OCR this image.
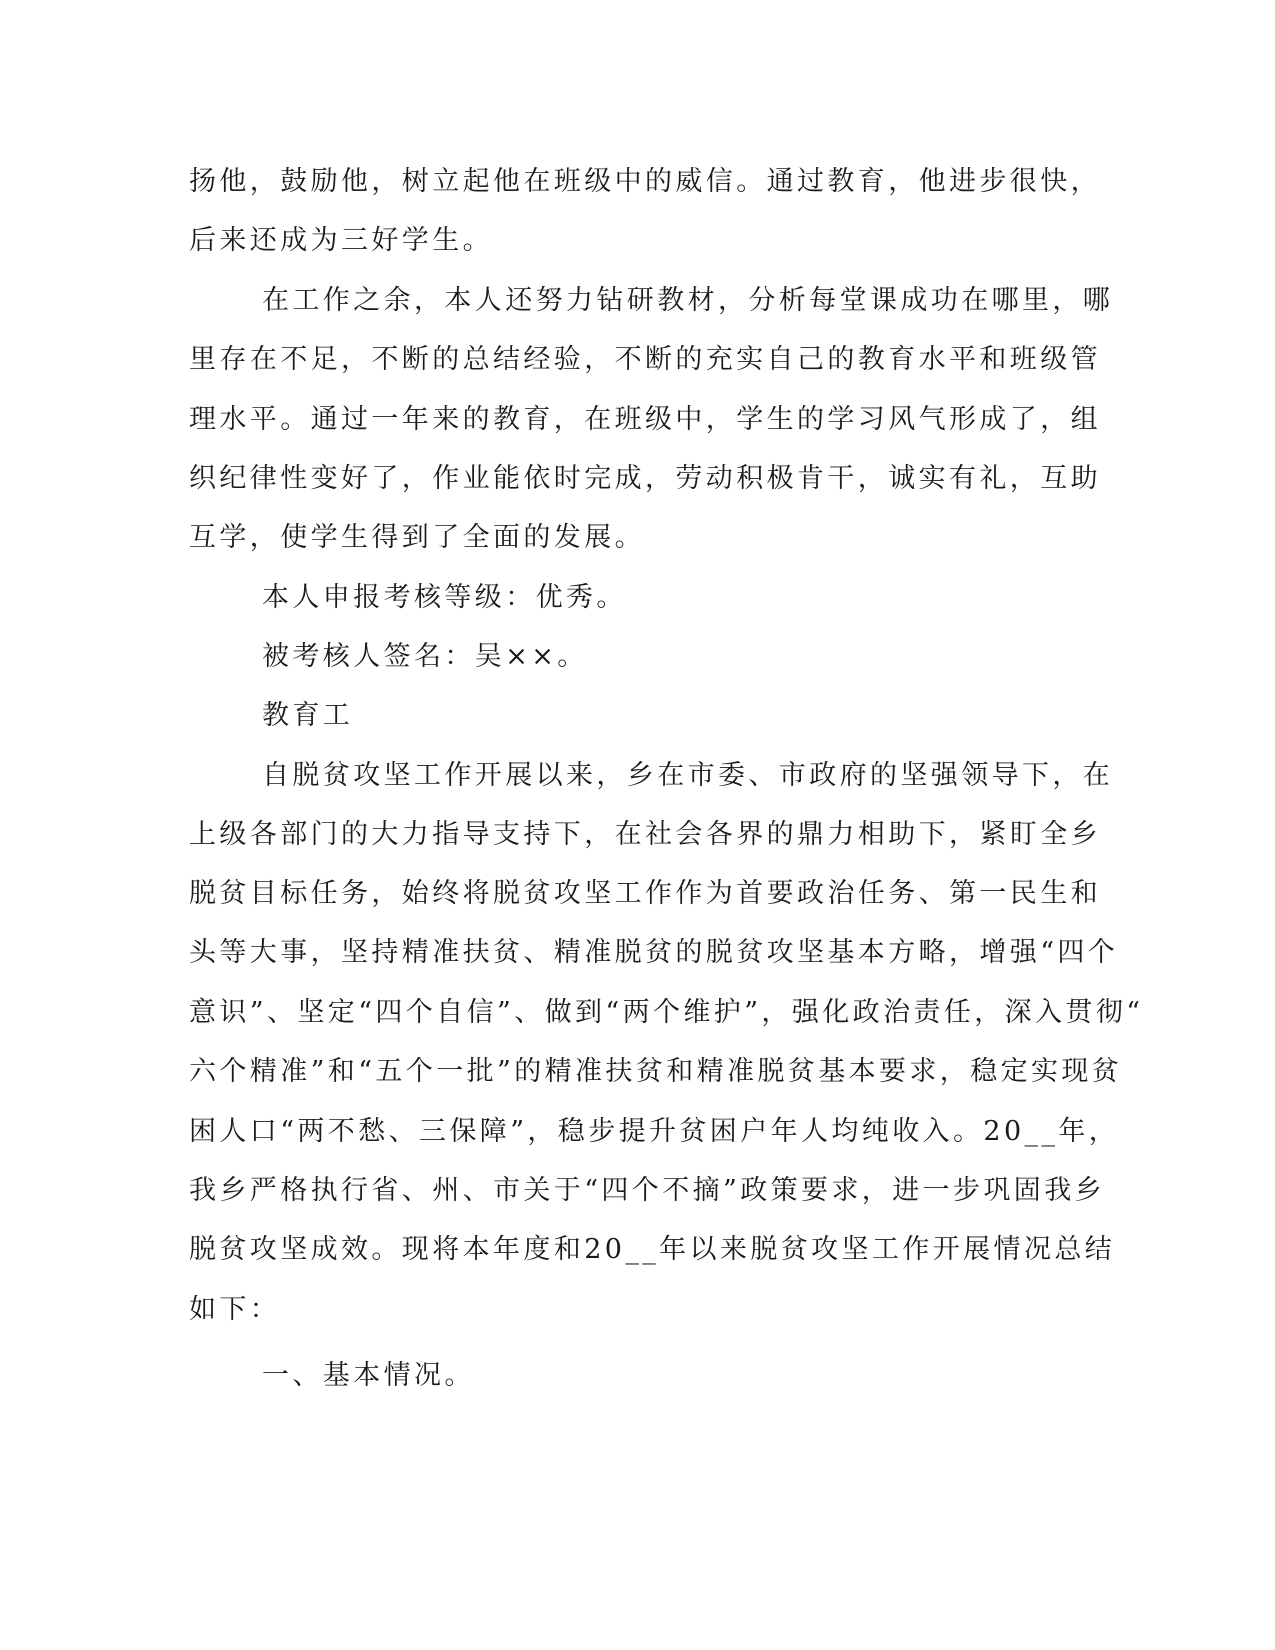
扬他，鼓励他，树立起他在班级中的威信。通过教育，他进步很快，
后来还成为三好学生。
在工作之余，本人还努力钻研教材，分析每堂课成功在哪里，哪
里存在不足，不断的总结经验，不断的充实自己的教育水平和班级管
理水平。通过一年来的教育，在班级中，学生的学习风气形成了，组
织纪律性变好了，作业能依时完成，劳动积极肯干，诚实有礼，互助
互学，使学生得到了全面的发展。
本人申报考核等级：优秀。
被考核人签名：吴××。
教育工
自脱贫攻坚工作开展以来，乡在市委、市政府的坚强领导下，在
上级各部门的大力指导支持下，在社会各界的鼎力相助下，紧盯全乡
脱贫目标任务，始终将脱贫攻坚工作作为首要政治任务、第一民生和
头等大事，坚持精准扶贫、精准脱贫的脱贫攻坚基本方略，增强“四个
意识”、坚定“四个自信”、做到“两个维护”，强化政治责任，深入贯彻“
六个精准”和“五个一批”的精准扶贫和精准脱贫基本要求，稳定实现贫
困人口“两不愁、三保障”，稳步提升贫困户年人均纯收入。20__年，
我乡严格执行省、州、市关于“四个不摘”政策要求，进一步巩固我乡
脱贫攻坚成效。现将本年度和20__年以来脱贫攻坚工作开展情况总结
如下：
一、基本情况。
